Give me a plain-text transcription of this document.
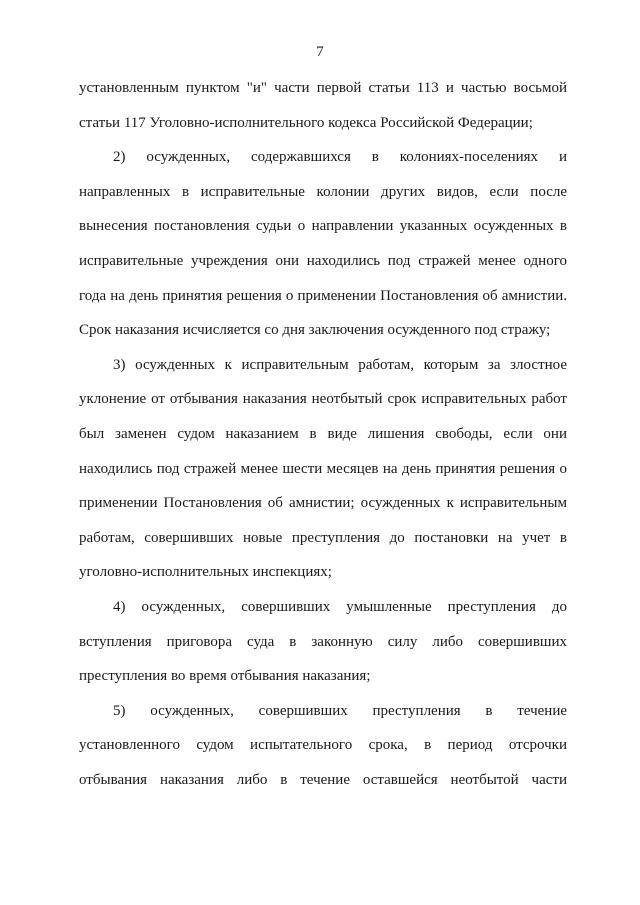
7
установленным пунктом "и" части первой статьи 113 и частью восьмой
статьи 117 Уголовно-исполнительного кодекса Российской Федерации;
2)   осужденных,   содержавшихся   в   колониях-поселениях   и
направленных в исправительные колонии других видов, если после
вынесения постановления судьи о направлении указанных осужденных в
исправительные учреждения они находились под стражей менее одного
года на день принятия решения о применении Постановления об амнистии.
Срок наказания исчисляется со дня заключения осужденного под стражу;
3) осужденных к исправительным работам, которым за злостное
уклонение от отбывания наказания неотбытый срок исправительных работ
был заменен судом наказанием в виде лишения свободы, если они
находились под стражей менее шести месяцев на день принятия решения о
применении Постановления об амнистии; осужденных к исправительным
работам, совершивших новые преступления до постановки на учет в
уголовно-исполнительных инспекциях;
4) осужденных, совершивших умышленные преступления до
вступления приговора суда в законную силу либо совершивших
преступления во время отбывания наказания;
5) осужденных, совершивших преступления в течение
установленного судом испытательного срока, в период отсрочки
отбывания наказания либо в течение оставшейся неотбытой части
